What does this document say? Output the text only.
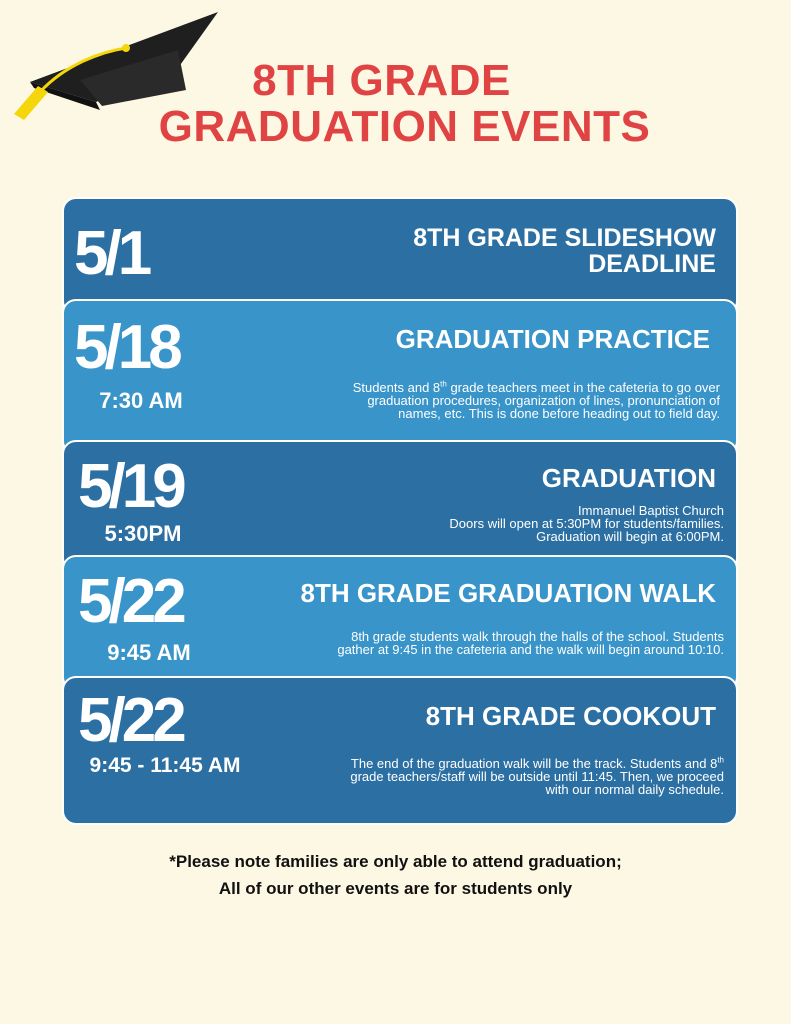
8TH GRADE
GRADUATION EVENTS
5/1	8TH GRADE SLIDESHOW
DEADLINE
5/18
7:30 AM
GRADUATION PRACTICE
Students and 8th grade teachers meet in the cafeteria to go over
graduation procedures, organization of lines, pronunciation of
names, etc. This is done before heading out to field day.
5/19
5:30PM
GRADUATION
Immanuel Baptist Church
Doors will open at 5:30PM for students/families.
Graduation will begin at 6:00PM.
5/22
9:45 AM
8TH GRADE GRADUATION WALK
8th grade students walk through the halls of the school. Students
gather at 9:45 in the cafeteria and the walk will begin around 10:10.
5/22
9:45 - 11:45 AM
8TH GRADE COOKOUT
The end of the graduation walk will be the track. Students and 8th
grade teachers/staff will be outside until 11:45. Then, we proceed
with our normal daily schedule.
*Please note families are only able to attend graduation;
All of our other events are for students only
